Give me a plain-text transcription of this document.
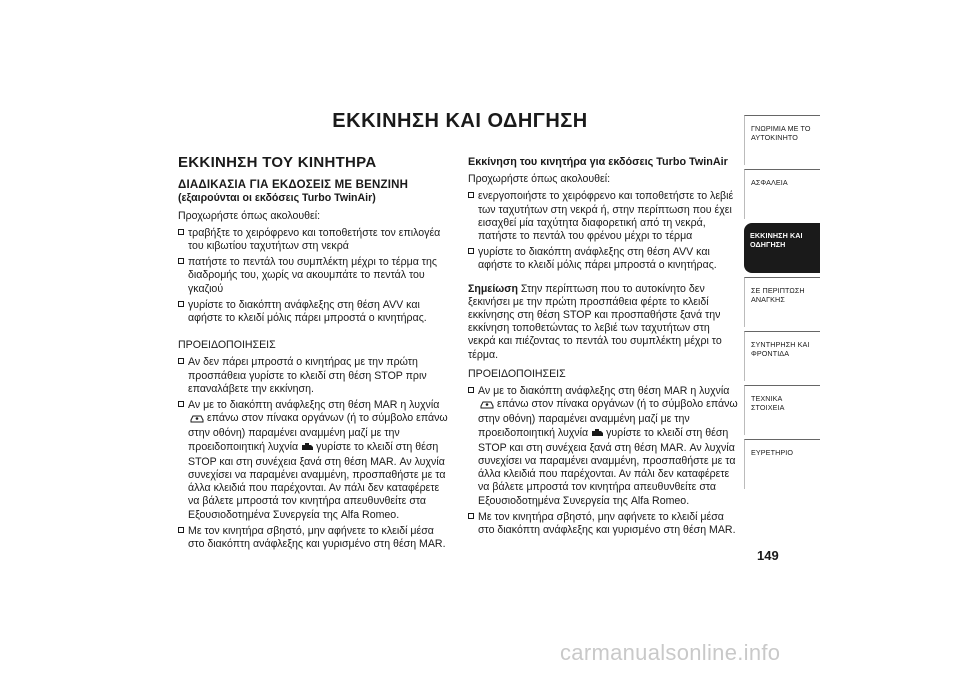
ΕΚΚΙΝΗΣΗ ΚΑΙ ΟΔΗΓΗΣΗ
ΕΚΚΙΝΗΣΗ ΤΟΥ ΚΙΝΗΤΗΡΑ
ΔΙΑΔΙΚΑΣΙΑ ΓΙΑ ΕΚΔΟΣΕΙΣ ΜΕ ΒΕΝΖΙΝΗ
(εξαιρούνται οι εκδόσεις Turbo TwinAir)

Προχωρήστε όπως ακολουθεί:

τραβήξτε το χειρόφρενο και τοποθετήστε τον επιλογέα του κιβωτίου ταχυτήτων στη νεκρά
πατήστε το πεντάλ του συμπλέκτη μέχρι το τέρμα της διαδρομής του, χωρίς να ακουμπάτε το πεντάλ του γκαζιού
γυρίστε το διακόπτη ανάφλεξης στη θέση AVV και αφήστε το κλειδί μόλις πάρει μπροστά ο κινητήρας.

ΠΡΟΕΙΔΟΠΟΙΗΣΕΙΣ

Αν δεν πάρει μπροστά ο κινητήρας με την πρώτη προσπάθεια γυρίστε το κλειδί στη θέση STOP πριν επαναλάβετε την εκκίνηση.
Αν με το διακόπτη ανάφλεξης στη θέση MAR η λυχνίαεπάνω στον πίνακα οργάνων (ή το σύμβολο επάνω στην οθόνη) παραμένει αναμμένη μαζί με την προειδοποιητική λυχνία γυρίστε το κλειδί στη θέση STOP και στη συνέχεια ξανά στη θέση MAR. Αν λυχνία συνεχίσει να παραμένει αναμμένη, προσπαθήστε με τα άλλα κλειδιά που παρέχονται. Αν πάλι δεν καταφέρετε να βάλετε μπροστά τον κινητήρα απευθυνθείτε στα Εξουσιοδοτημένα Συνεργεία της Alfa Romeo.
Με τον κινητήρα σβηστό, μην αφήνετε το κλειδί μέσα στο διακόπτη ανάφλεξης και γυρισμένο στη θέση MAR.
Εκκίνηση του κινητήρα για εκδόσεις Turbo TwinAir

Προχωρήστε όπως ακολουθεί:

ενεργοποιήστε το χειρόφρενο και τοποθετήστε το λεβιέ των ταχυτήτων στη νεκρά ή, στην περίπτωση που έχει εισαχθεί μία ταχύτητα διαφορετική από τη νεκρά, πατήστε το πεντάλ του φρένου μέχρι το τέρμα
γυρίστε το διακόπτη ανάφλεξης στη θέση AVV και αφήστε το κλειδί μόλις πάρει μπροστά ο κινητήρας.

Σημείωση Στην περίπτωση που το αυτοκίνητο δεν ξεκινήσει με την πρώτη προσπάθεια φέρτε το κλειδί εκκίνησης στη θέση STOP και προσπαθήστε ξανά την εκκίνηση τοποθετώντας το λεβιέ των ταχυτήτων στη νεκρά και πιέζοντας το πεντάλ του συμπλέκτη μέχρι το τέρμα.

ΠΡΟΕΙΔΟΠΟΙΗΣΕΙΣ

Αν με το διακόπτη ανάφλεξης στη θέση MAR η λυχνίαεπάνω στον πίνακα οργάνων (ή το σύμβολο επάνω στην οθόνη) παραμένει αναμμένη μαζί με την προειδοποιητική λυχνία γυρίστε το κλειδί στη θέση STOP και στη συνέχεια ξανά στη θέση MAR. Αν λυχνία συνεχίσει να παραμένει αναμμένη, προσπαθήστε με τα άλλα κλειδιά που παρέχονται. Αν πάλι δεν καταφέρετε να βάλετε μπροστά τον κινητήρα απευθυνθείτε στα Εξουσιοδοτημένα Συνεργεία της Alfa Romeo.
Με τον κινητήρα σβηστό, μην αφήνετε το κλειδί μέσα στο διακόπτη ανάφλεξης και γυρισμένο στη θέση MAR.
ΓΝΩΡΙΜΙΑ ΜΕ ΤΟ ΑΥΤΟΚΙΝΗΤΟ
ΑΣΦΑΛΕΙΑ
ΕΚΚΙΝΗΣΗ ΚΑΙ ΟΔΗΓΗΣΗ
ΣΕ ΠΕΡΙΠΤΩΣΗ ΑΝΑΓΚΗΣ
ΣΥΝΤΗΡΗΣΗ ΚΑΙ ΦΡΟΝΤΙΔΑ
ΤΕΧΝΙΚΑ ΣΤΟΙΧΕΙΑ
ΕΥΡΕΤΗΡΙΟ
149
carmanualsonline.info
